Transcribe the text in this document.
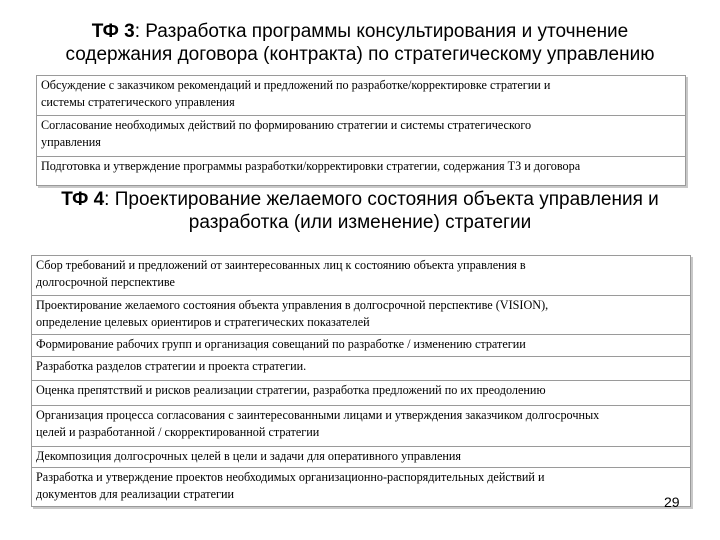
ТФ 3: Разработка программы консультирования и уточнение
содержания договора (контракта) по стратегическому управлению
Обсуждение с заказчиком рекомендаций и предложений по разработке/корректировке стратегии и
системы стратегического управления
Согласование необходимых действий по формированию стратегии и системы стратегического
управления
Подготовка и утверждение программы разработки/корректировки стратегии, содержания ТЗ и договора
ТФ 4: Проектирование желаемого состояния объекта управления и
разработка (или изменение) стратегии
Сбор требований и предложений от заинтересованных лиц к состоянию объекта управления в
долгосрочной перспективе
Проектирование желаемого состояния объекта управления в долгосрочной перспективе (VISION),
определение целевых ориентиров и стратегических показателей
Формирование рабочих групп и организация совещаний по разработке / изменению стратегии
Разработка разделов стратегии и проекта стратегии.
Оценка препятствий и рисков реализации стратегии, разработка предложений по их преодолению
Организация процесса согласования с заинтересованными лицами и утверждения заказчиком долгосрочных
целей и разработанной / скорректированной стратегии
Декомпозиция долгосрочных целей в цели и задачи для оперативного управления
Разработка и утверждение проектов необходимых организационно-распорядительных действий и
документов для реализации стратегии	29
